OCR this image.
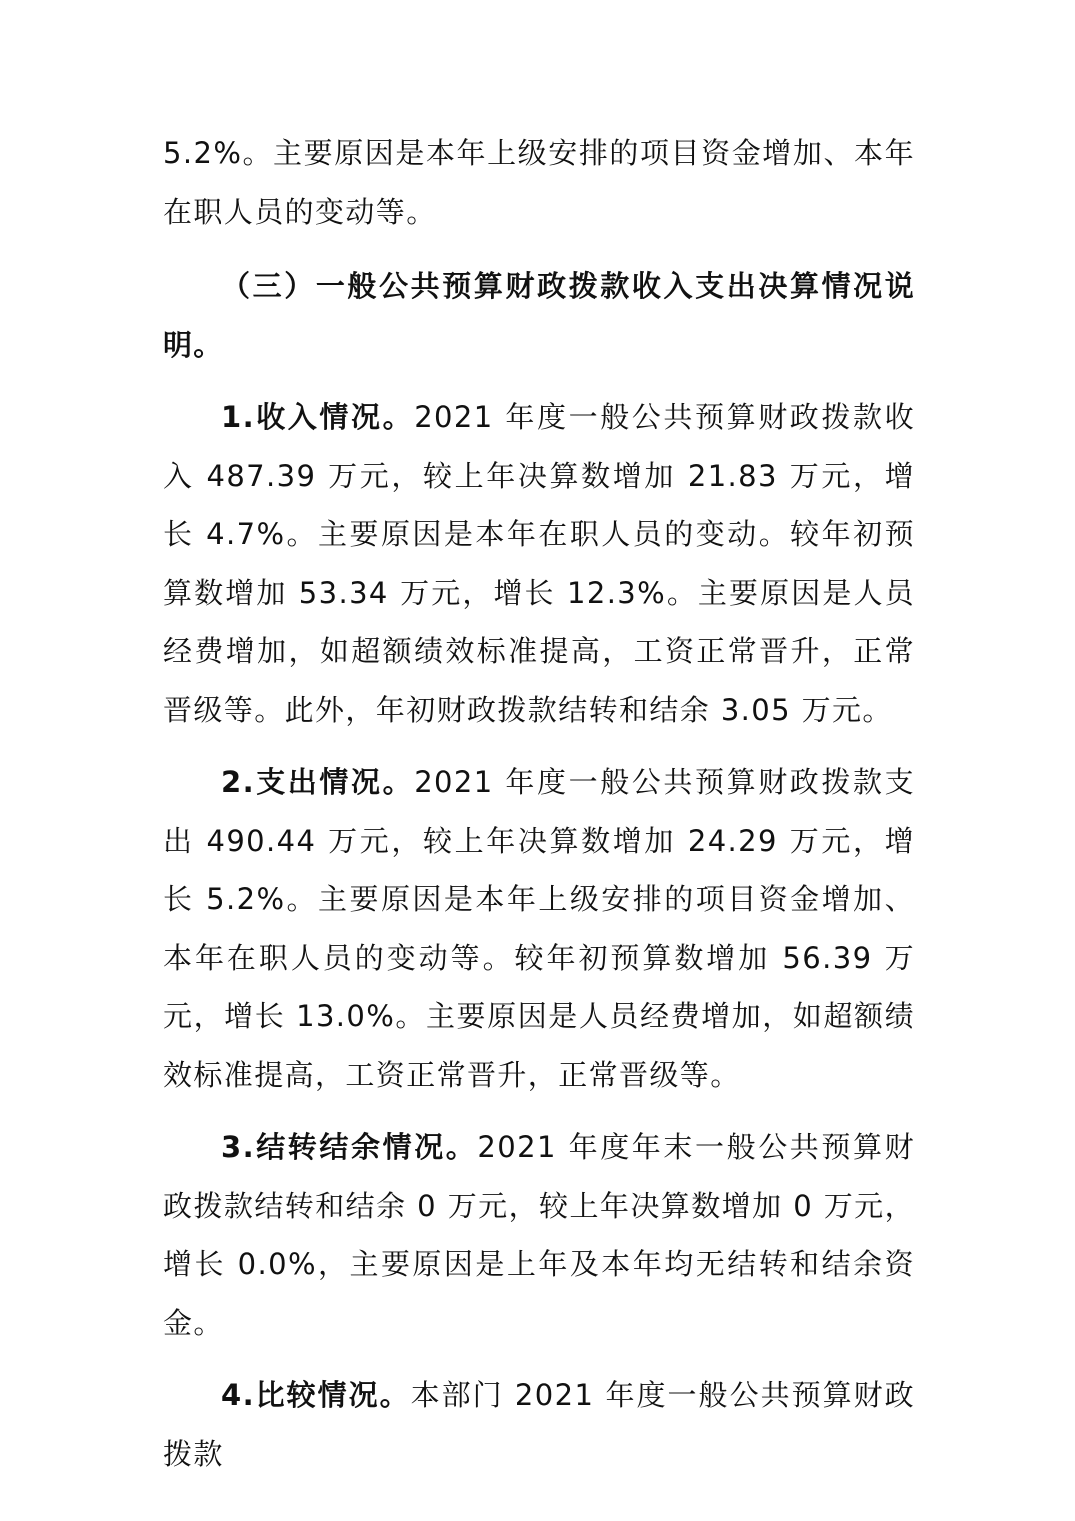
5.2%。主要原因是本年上级安排的项目资金增加、本年在职人员的变动等。

（三）一般公共预算财政拨款收入支出决算情况说明。

1.收入情况。2021 年度一般公共预算财政拨款收入 487.39 万元，较上年决算数增加 21.83 万元，增长 4.7%。主要原因是本年在职人员的变动。较年初预算数增加 53.34 万元，增长 12.3%。主要原因是人员经费增加，如超额绩效标准提高，工资正常晋升，正常晋级等。此外，年初财政拨款结转和结余 3.05 万元。

2.支出情况。2021 年度一般公共预算财政拨款支出 490.44 万元，较上年决算数增加 24.29 万元，增长 5.2%。主要原因是本年上级安排的项目资金增加、本年在职人员的变动等。较年初预算数增加 56.39 万元，增长 13.0%。主要原因是人员经费增加，如超额绩效标准提高，工资正常晋升，正常晋级等。

3.结转结余情况。2021 年度年末一般公共预算财政拨款结转和结余 0 万元，较上年决算数增加 0 万元，增长 0.0%，主要原因是上年及本年均无结转和结余资金。

4.比较情况。本部门 2021 年度一般公共预算财政拨款
